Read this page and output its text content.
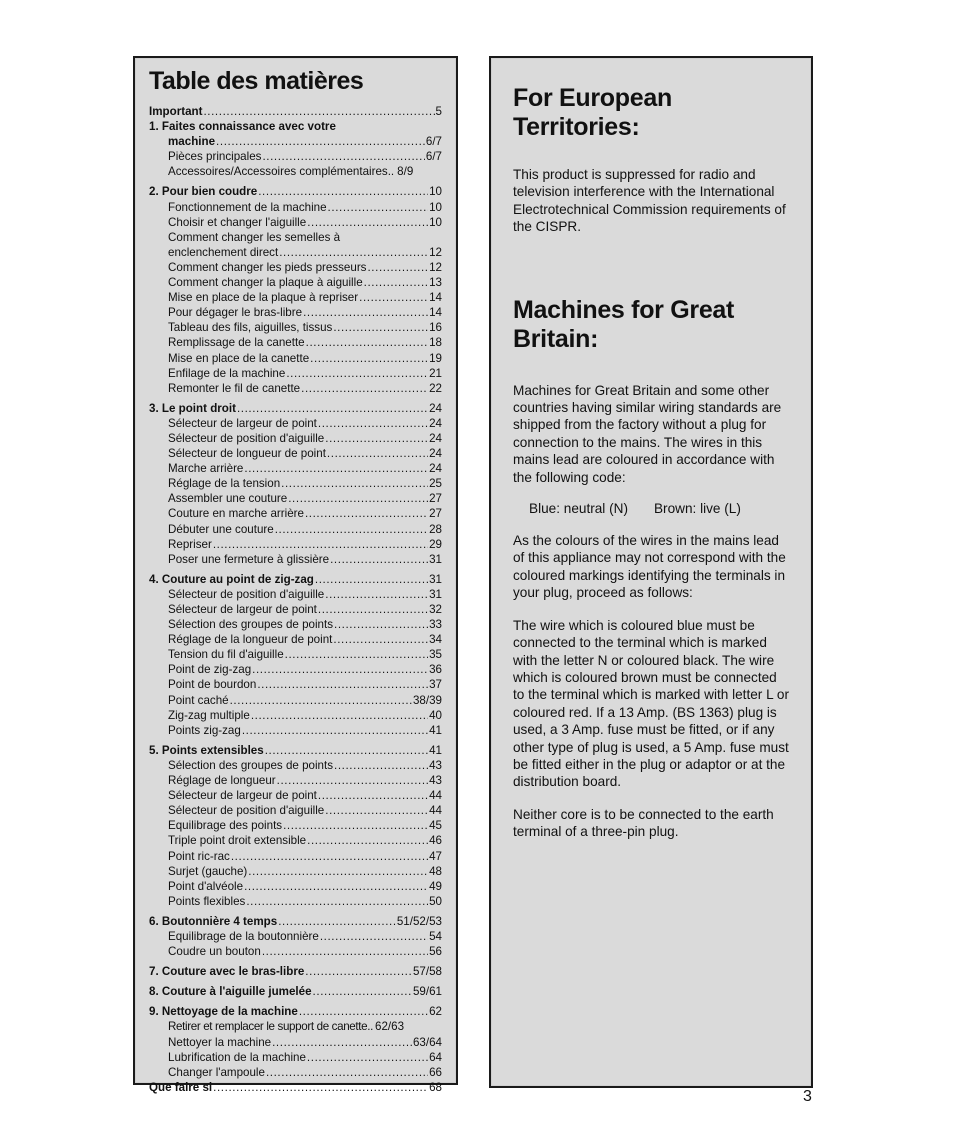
Table des matières
Important .....	5
1. Faites connaissance avec votre
machine .....	6/7
Pièces principales .....	6/7
Accessoires/Accessoires complémentaires.. 8/9
2. Pour bien coudre .....	10
Fonctionnement de la machine .....	10
Choisir et changer l'aiguille .....	10
Comment changer les semelles à
enclenchement direct .....	12
Comment changer les pieds presseurs .....	12
Comment changer la plaque à aiguille .....	13
Mise en place de la plaque à repriser .....	14
Pour dégager le bras-libre .....	14
Tableau des fils, aiguilles, tissus .....	16
Remplissage de la canette .....	18
Mise en place de la canette .....	19
Enfilage de la machine .....	21
Remonter le fil de canette .....	22
3. Le point droit .....	24
Sélecteur de largeur de point .....	24
Sélecteur de position d'aiguille .....	24
Sélecteur de longueur de point .....	24
Marche arrière .....	24
Réglage de la tension .....	25
Assembler une couture .....	27
Couture en marche arrière .....	27
Débuter une couture .....	28
Repriser .....	29
Poser une fermeture à glissière .....	31
4. Couture au point de zig-zag .....	31
Sélecteur de position d'aiguille .....	31
Sélecteur de largeur de point .....	32
Sélection des groupes de points .....	33
Réglage de la longueur de point .....	34
Tension du fil d'aiguille .....	35
Point de zig-zag .....	36
Point de bourdon .....	37
Point caché .....	38/39
Zig-zag multiple .....	40
Points zig-zag .....	41
5. Points extensibles .....	41
Sélection des groupes de points .....	43
Réglage de longueur .....	43
Sélecteur de largeur de point .....	44
Sélecteur de position d'aiguille .....	44
Equilibrage des points .....	45
Triple point droit extensible .....	46
Point ric-rac .....	47
Surjet (gauche) .....	48
Point d'alvéole .....	49
Points flexibles .....	50
6. Boutonnière 4 temps .....	51/52/53
Equilibrage de la boutonnière .....	54
Coudre un bouton .....	56
7. Couture avec le bras-libre .....	57/58
8. Couture à l'aiguille jumelée .....	59/61
9. Nettoyage de la machine .....	62
Retirer et remplacer le support de canette.. 62/63
Nettoyer la machine .....	63/64
Lubrification de la machine .....	64
Changer l'ampoule .....	66
Que faire si .....	68
For European Territories:

This product is suppressed for radio and television interference with the International Electrotechnical Commission requirements of the CISPR.

Machines for Great Britain:

Machines for Great Britain and some other countries having similar wiring standards are shipped from the factory without a plug for connection to the mains. The wires in this mains lead are coloured in accordance with the following code:

Blue: neutral (N) Brown: live (L)

As the colours of the wires in the mains lead of this appliance may not correspond with the coloured markings identifying the terminals in your plug, proceed as follows:

The wire which is coloured blue must be connected to the terminal which is marked with the letter N or coloured black. The wire which is coloured brown must be connected to the terminal which is marked with letter L or coloured red. If a 13 Amp. (BS 1363) plug is used, a 3 Amp. fuse must be fitted, or if any other type of plug is used, a 5 Amp. fuse must be fitted either in the plug or adaptor or at the distribution board.

Neither core is to be connected to the earth terminal of a three-pin plug.

3
